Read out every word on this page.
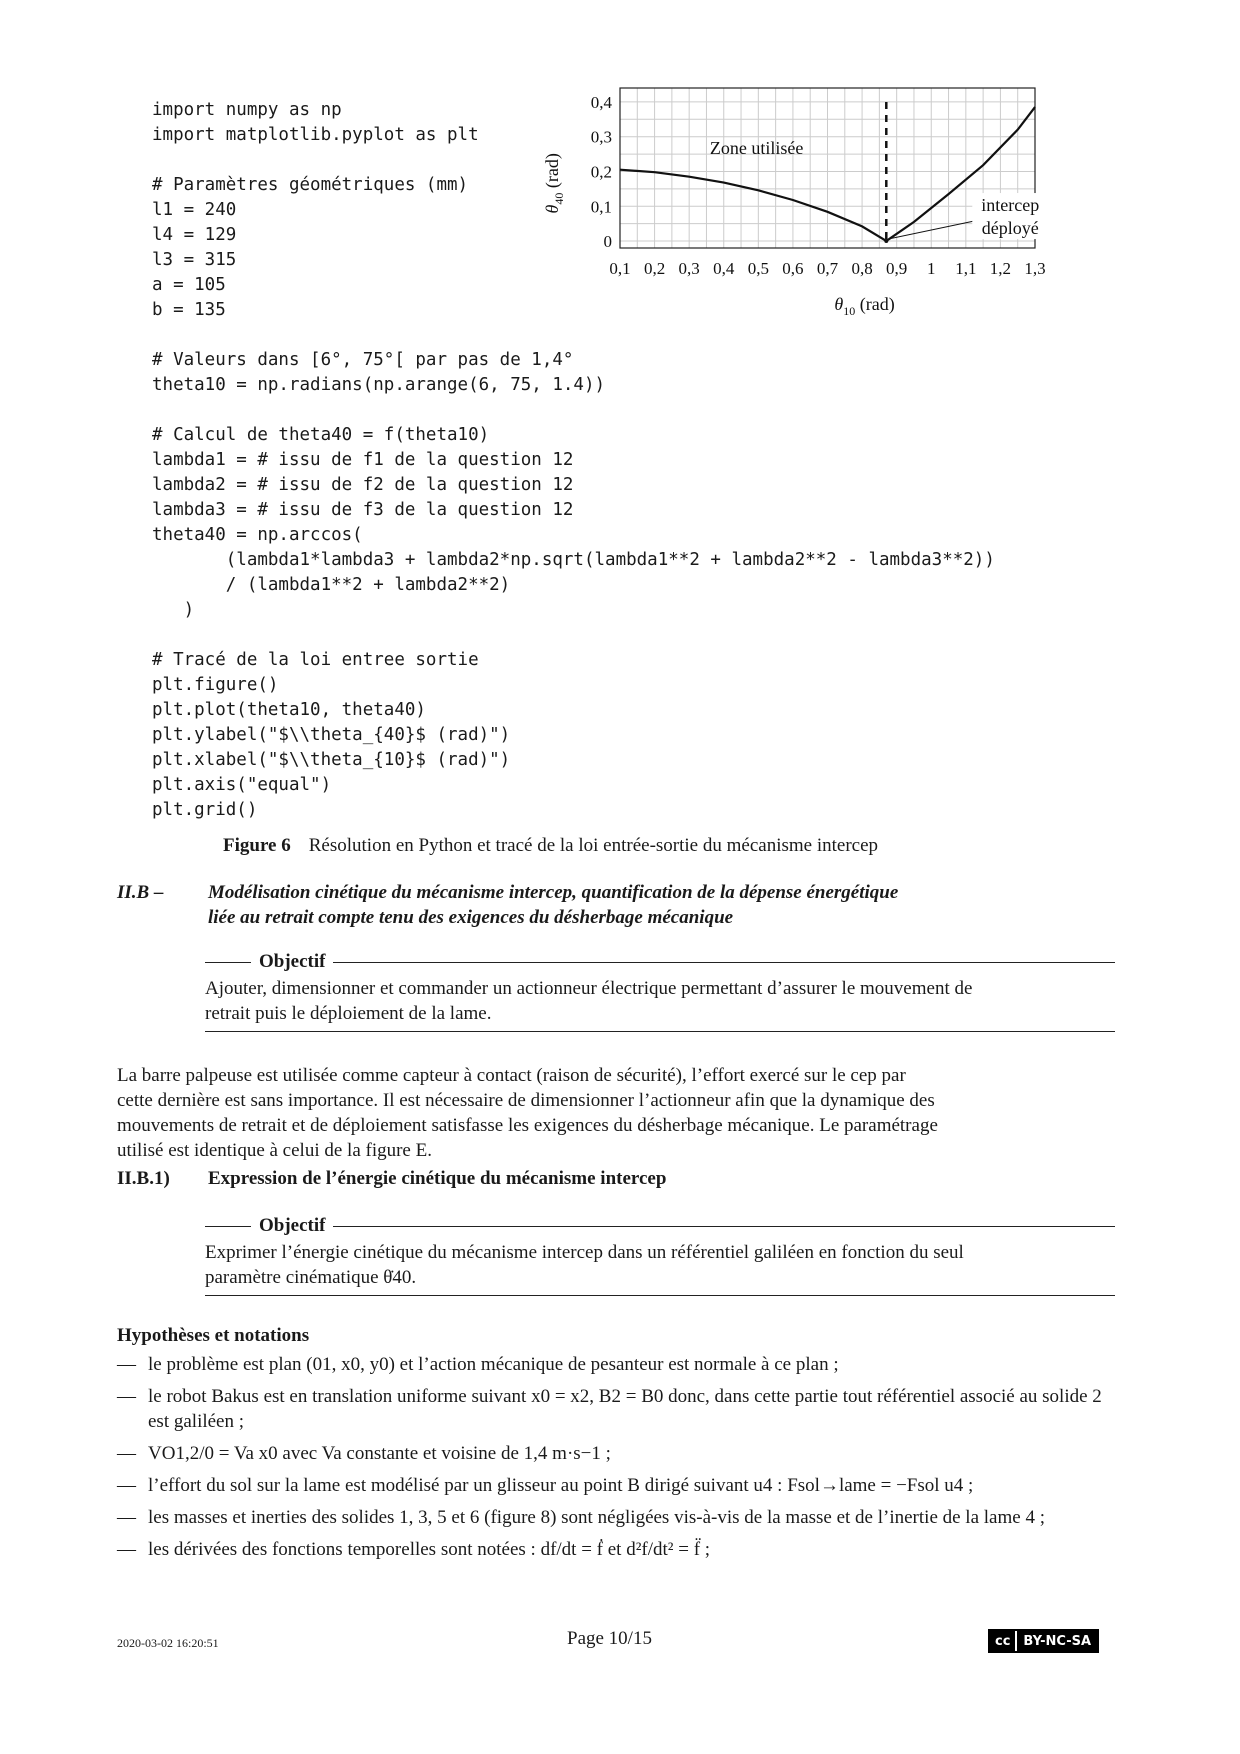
import numpy as np
import matplotlib.pyplot as plt
# Paramètres géométriques (mm)
l1 = 240
l4 = 129
l3 = 315
a = 105
b = 135
# Valeurs dans [6°, 75°[ par pas de 1,4°
theta10 = np.radians(np.arange(6, 75, 1.4))
# Calcul de theta40 = f(theta10)
lambda1 = # issu de f1 de la question 12
lambda2 = # issu de f2 de la question 12
lambda3 = # issu de f3 de la question 12
theta40 = np.arccos(
(lambda1*lambda3 + lambda2*np.sqrt(lambda1**2 + lambda2**2 - lambda3**2))
/ (lambda1**2 + lambda2**2)
)
# Tracé de la loi entree sortie
plt.figure()
plt.plot(theta10, theta40)
plt.ylabel("$\\theta_{40}$ (rad)")
plt.xlabel("$\\theta_{10}$ (rad)")
plt.axis("equal")
plt.grid()
0,1 0,2 0,3 0,4 0,5 0,6 0,7 0,8 0,9 1 1,1 1,2 1,3
0
0,1
0,2
0,3
0,4
Zone utilisée
intercep
déployé
$\theta_{10}$ (rad)
$\theta_{40}$ (rad)
Figure 6 Résolution en Python et tracé de la loi entrée-sortie du mécanisme intercep
II.B – Modélisation cinétique du mécanisme intercep, quantification de la dépense énergétique
liée au retrait compte tenu des exigences du désherbage mécanique
Objectif
Ajouter, dimensionner et commander un actionneur électrique permettant d’assurer le mouvement de
retrait puis le déploiement de la lame.
La barre palpeuse est utilisée comme capteur à contact (raison de sécurité), l’effort exercé sur le cep par
cette dernière est sans importance. Il est nécessaire de dimensionner l’actionneur afin que la dynamique des
mouvements de retrait et de déploiement satisfasse les exigences du désherbage mécanique. Le paramétrage
utilisé est identique à celui de la figure E.
II.B.1) Expression de l’énergie cinétique du mécanisme intercep
Objectif
Exprimer l’énergie cinétique du mécanisme intercep dans un référentiel galiléen en fonction du seul
paramètre cinématique θ̇40.
Hypothèses et notations
— le problème est plan (01, x0, y0) et l’action mécanique de pesanteur est normale à ce plan ;
— le robot Bakus est en translation uniforme suivant x0 = x2, B2 = B0 donc, dans cette partie tout référentiel associé au solide 2 est galiléen ;
— VO1,2/0 = Va x0 avec Va constante et voisine de 1,4 m·s−1 ;
— l’effort du sol sur la lame est modélisé par un glisseur au point B dirigé suivant u4 : Fsol→lame = −Fsol u4 ;
— les masses et inerties des solides 1, 3, 5 et 6 (figure 8) sont négligées vis-à-vis de la masse et de l’inertie de la lame 4 ;
— les dérivées des fonctions temporelles sont notées : df/dt = ḟ et d²f/dt² = f̈ ;
2020-03-02 16:20:51	Page 10/15	cc	BY-NC-SA
